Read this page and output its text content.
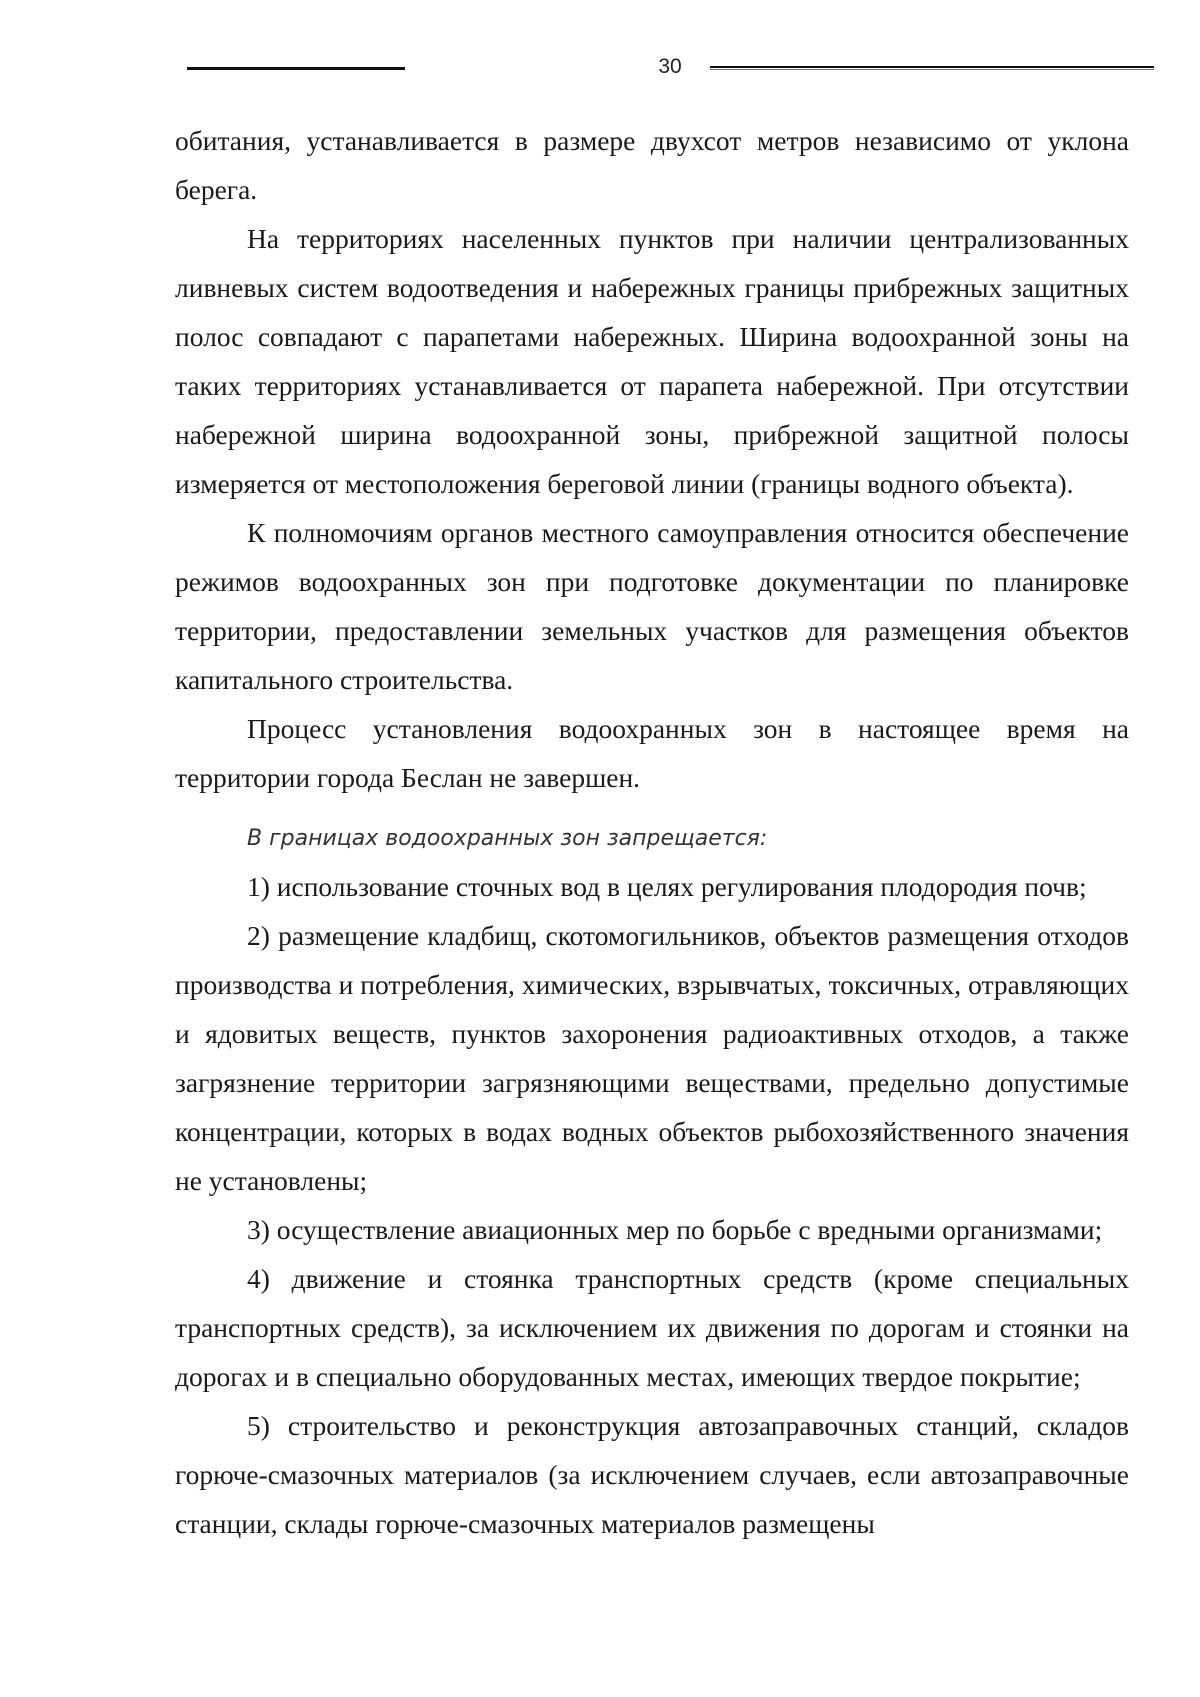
30

обитания, устанавливается в размере двухсот метров независимо от уклона берега.

На территориях населенных пунктов при наличии централизованных ливневых систем водоотведения и набережных границы прибрежных защитных полос совпадают с парапетами набережных. Ширина водоохранной зоны на таких территориях устанавливается от парапета набережной. При отсутствии набережной ширина водоохранной зоны, прибрежной защитной полосы измеряется от местоположения береговой линии (границы водного объекта).

К полномочиям органов местного самоуправления относится обеспечение режимов водоохранных зон при подготовке документации по планировке территории, предоставлении земельных участков для размещения объектов капитального строительства.

Процесс установления водоохранных зон в настоящее время на территории города Беслан не завершен.

В границах водоохранных зон запрещается:

1) использование сточных вод в целях регулирования плодородия почв;

2) размещение кладбищ, скотомогильников, объектов размещения отходов производства и потребления, химических, взрывчатых, токсичных, отравляющих и ядовитых веществ, пунктов захоронения радиоактивных отходов, а также загрязнение территории загрязняющими веществами, предельно допустимые концентрации, которых в водах водных объектов рыбохозяйственного значения не установлены;

3) осуществление авиационных мер по борьбе с вредными организмами;

4) движение и стоянка транспортных средств (кроме специальных транспортных средств), за исключением их движения по дорогам и стоянки на дорогах и в специально оборудованных местах, имеющих твердое покрытие;

5) строительство и реконструкция автозаправочных станций, складов горюче-смазочных материалов (за исключением случаев, если автозаправочные станции, склады горюче-смазочных материалов размещены
